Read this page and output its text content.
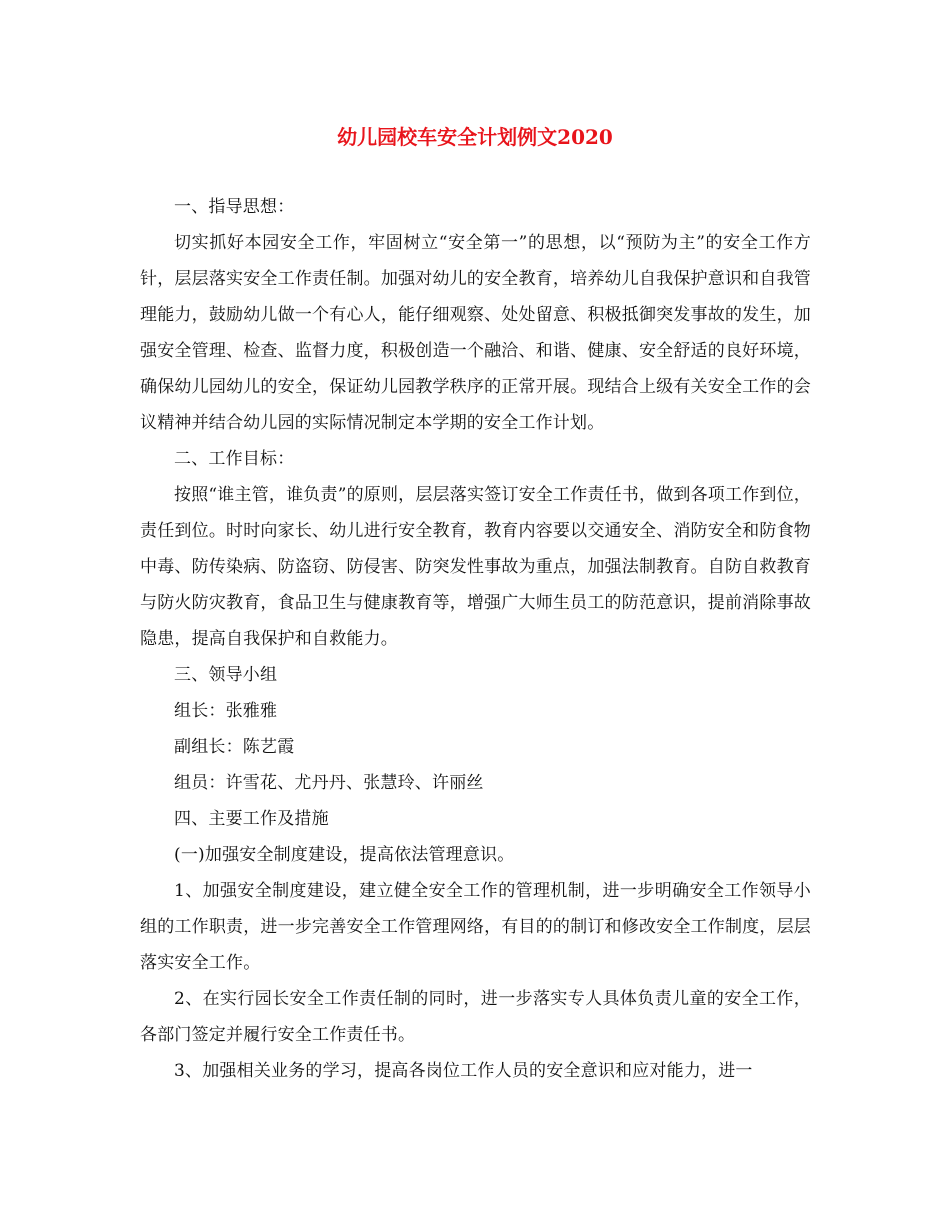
幼儿园校车安全计划例文2020

一、指导思想：

切实抓好本园安全工作，牢固树立“安全第一”的思想，以“预防为主”的安全工作方针，层层落实安全工作责任制。加强对幼儿的安全教育，培养幼儿自我保护意识和自我管理能力，鼓励幼儿做一个有心人，能仔细观察、处处留意、积极抵御突发事故的发生，加强安全管理、检查、监督力度，积极创造一个融洽、和谐、健康、安全舒适的良好环境，确保幼儿园幼儿的安全，保证幼儿园教学秩序的正常开展。现结合上级有关安全工作的会议精神并结合幼儿园的实际情况制定本学期的安全工作计划。

二、工作目标：

按照“谁主管，谁负责”的原则，层层落实签订安全工作责任书，做到各项工作到位，责任到位。时时向家长、幼儿进行安全教育，教育内容要以交通安全、消防安全和防食物中毒、防传染病、防盗窃、防侵害、防突发性事故为重点，加强法制教育。自防自救教育与防火防灾教育，食品卫生与健康教育等，增强广大师生员工的防范意识，提前消除事故隐患，提高自我保护和自救能力。

三、领导小组

组长：张雅雅

副组长：陈艺霞

组员：许雪花、尤丹丹、张慧玲、许丽丝

四、主要工作及措施

(一)加强安全制度建设，提高依法管理意识。

1、加强安全制度建设，建立健全安全工作的管理机制，进一步明确安全工作领导小组的工作职责，进一步完善安全工作管理网络，有目的的制订和修改安全工作制度，层层落实安全工作。

2、在实行园长安全工作责任制的同时，进一步落实专人具体负责儿童的安全工作，各部门签定并履行安全工作责任书。

3、加强相关业务的学习，提高各岗位工作人员的安全意识和应对能力，进一
